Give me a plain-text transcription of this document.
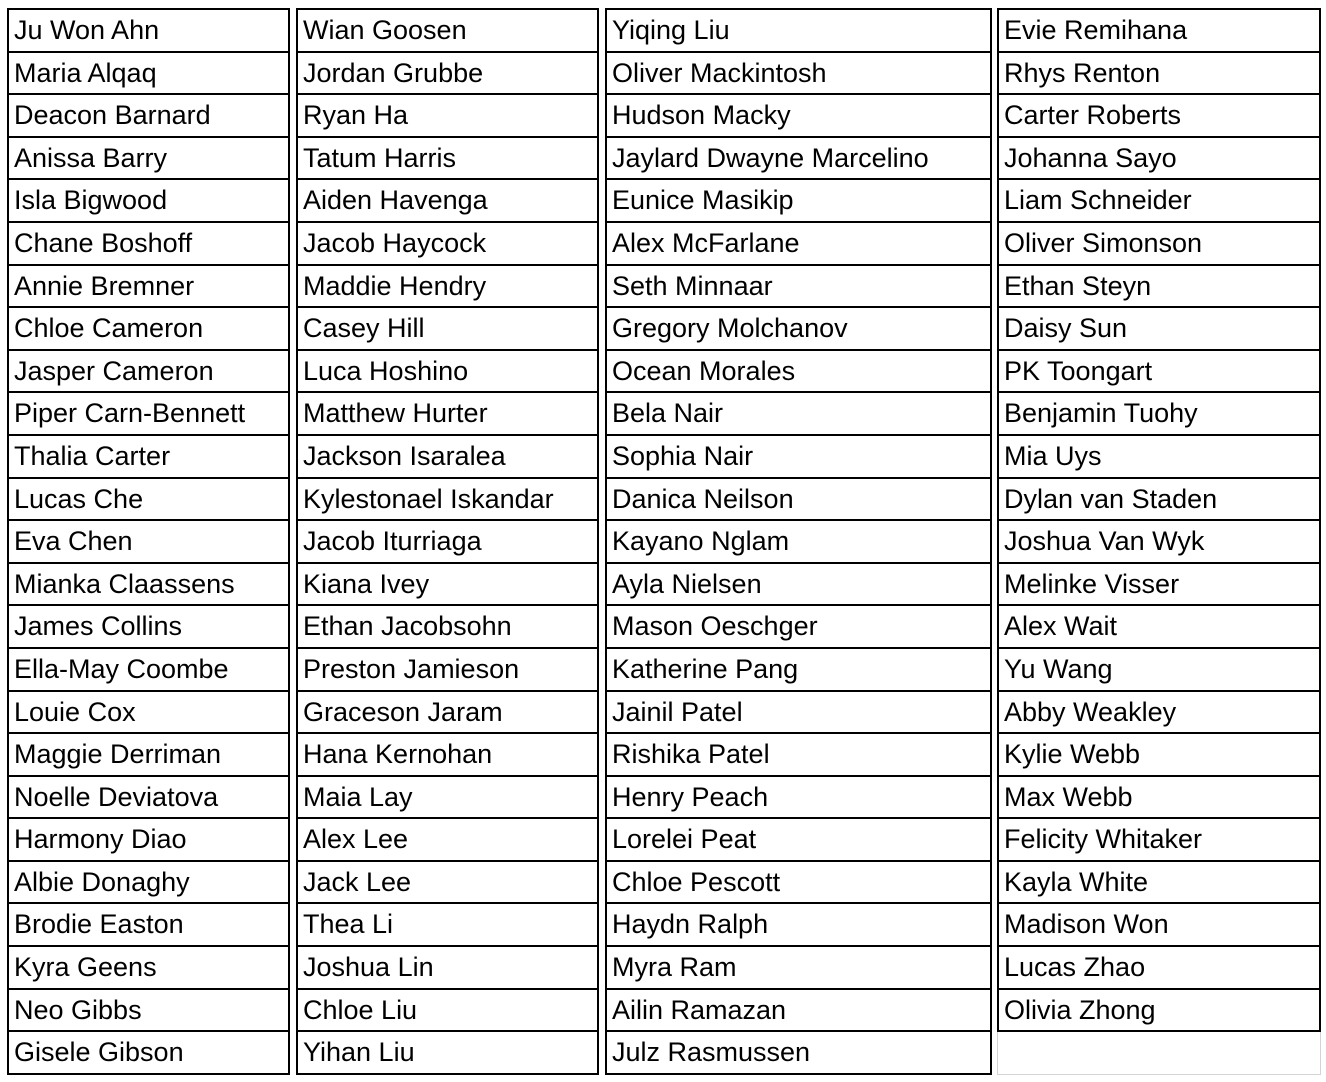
Ju Won Ahn
Maria Alqaq
Deacon Barnard
Anissa Barry
Isla Bigwood
Chane Boshoff
Annie Bremner
Chloe Cameron
Jasper Cameron
Piper Carn-Bennett
Thalia Carter
Lucas Che
Eva Chen
Mianka Claassens
James Collins
Ella-May Coombe
Louie Cox
Maggie Derriman
Noelle Deviatova
Harmony Diao
Albie Donaghy
Brodie Easton
Kyra Geens
Neo Gibbs
Gisele Gibson
Wian Goosen
Jordan Grubbe
Ryan Ha
Tatum Harris
Aiden Havenga
Jacob Haycock
Maddie Hendry
Casey Hill
Luca Hoshino
Matthew Hurter
Jackson Isaralea
Kylestonael Iskandar
Jacob Iturriaga
Kiana Ivey
Ethan Jacobsohn
Preston Jamieson
Graceson Jaram
Hana Kernohan
Maia Lay
Alex Lee
Jack Lee
Thea Li
Joshua Lin
Chloe Liu
Yihan Liu
Yiqing Liu
Oliver Mackintosh
Hudson Macky
Jaylard Dwayne Marcelino
Eunice Masikip
Alex McFarlane
Seth Minnaar
Gregory Molchanov
Ocean Morales
Bela Nair
Sophia Nair
Danica Neilson
Kayano Nglam
Ayla Nielsen
Mason Oeschger
Katherine Pang
Jainil Patel
Rishika Patel
Henry Peach
Lorelei Peat
Chloe Pescott
Haydn Ralph
Myra Ram
Ailin Ramazan
Julz Rasmussen
Evie Remihana
Rhys Renton
Carter Roberts
Johanna Sayo
Liam Schneider
Oliver Simonson
Ethan Steyn
Daisy Sun
PK Toongart
Benjamin Tuohy
Mia Uys
Dylan van Staden
Joshua Van Wyk
Melinke Visser
Alex Wait
Yu Wang
Abby Weakley
Kylie Webb
Max Webb
Felicity Whitaker
Kayla White
Madison Won
Lucas Zhao
Olivia Zhong
